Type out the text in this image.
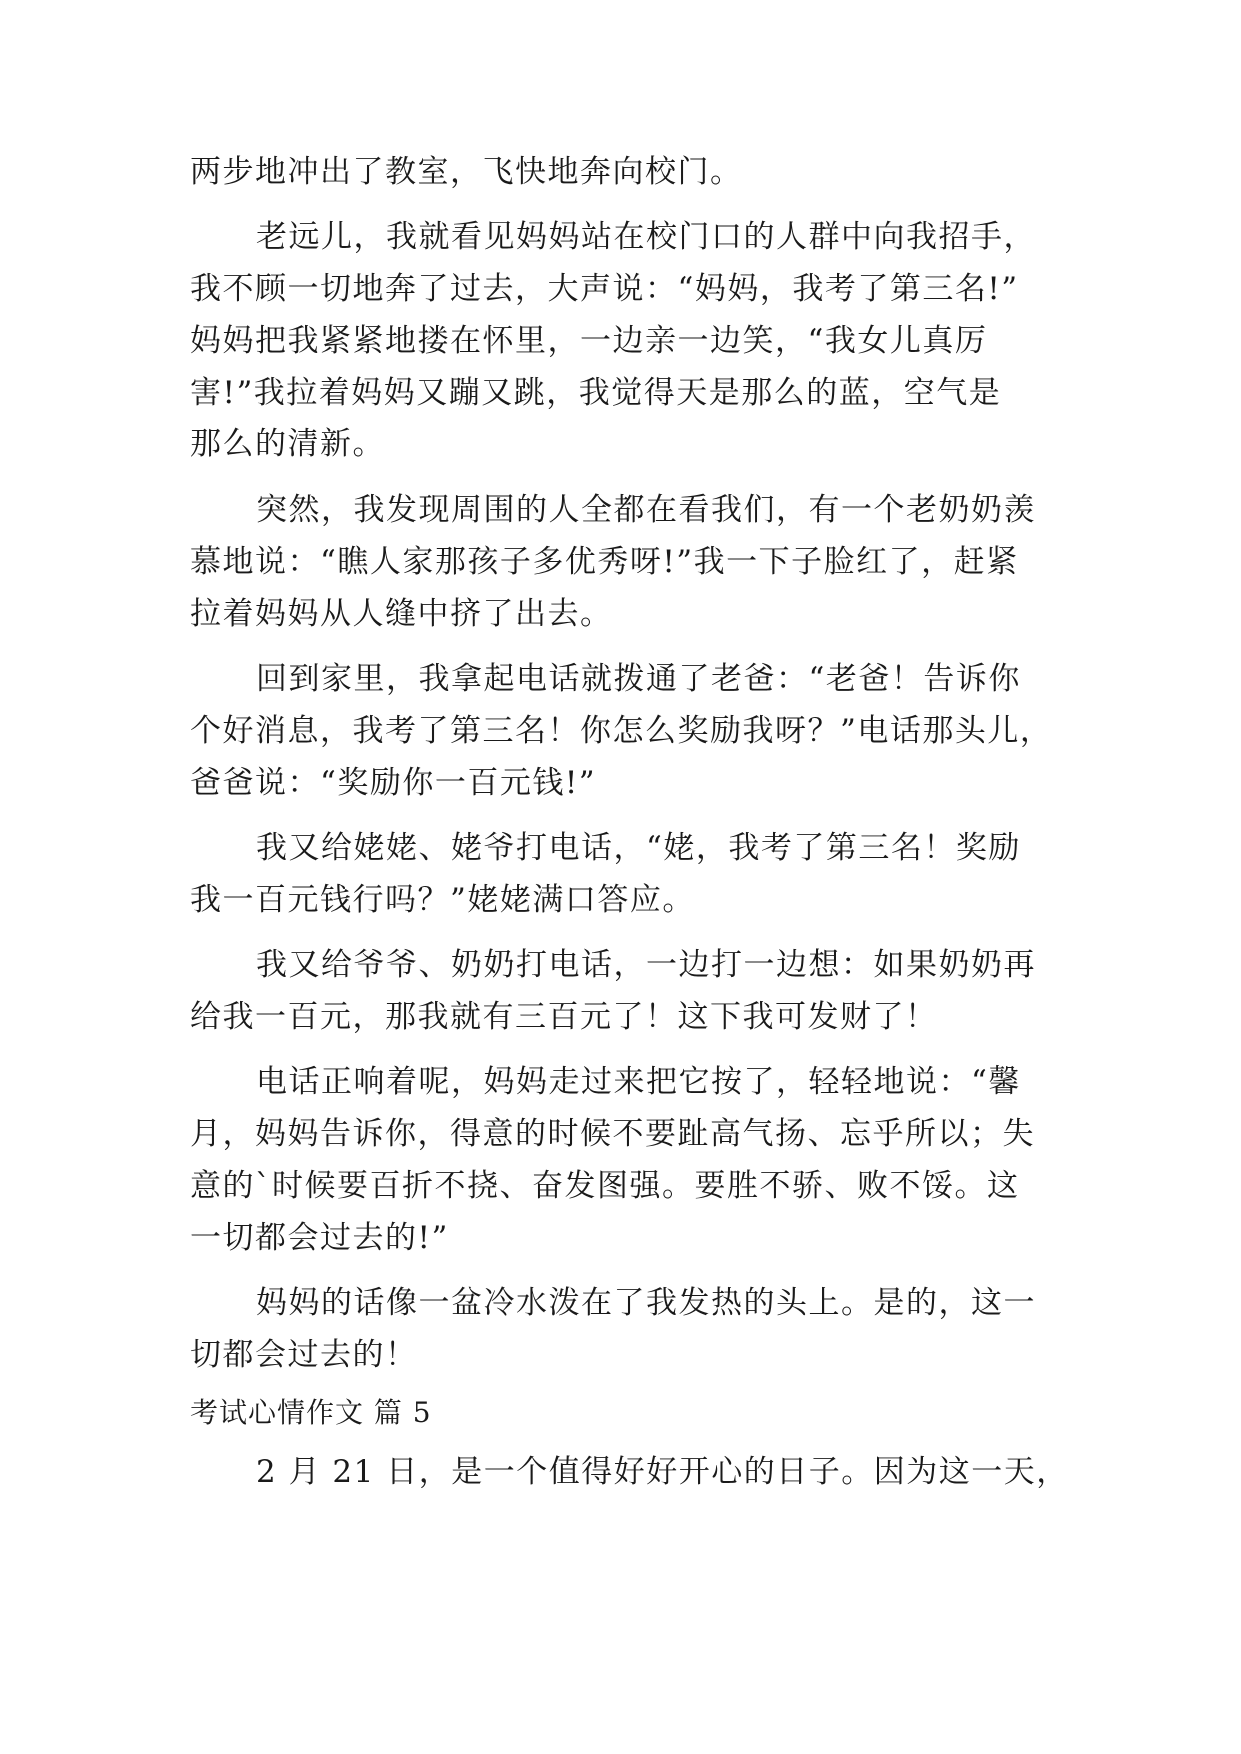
两步地冲出了教室，飞快地奔向校门。
老远儿，我就看见妈妈站在校门口的人群中向我招手，
我不顾一切地奔了过去，大声说：“妈妈，我考了第三名!”
妈妈把我紧紧地搂在怀里，一边亲一边笑，“我女儿真厉
害!”我拉着妈妈又蹦又跳，我觉得天是那么的蓝，空气是
那么的清新。
突然，我发现周围的人全都在看我们，有一个老奶奶羡
慕地说：“瞧人家那孩子多优秀呀!”我一下子脸红了，赶紧
拉着妈妈从人缝中挤了出去。
回到家里，我拿起电话就拨通了老爸：“老爸！告诉你
个好消息，我考了第三名！你怎么奖励我呀？”电话那头儿，
爸爸说：“奖励你一百元钱!”
我又给姥姥、姥爷打电话，“姥，我考了第三名！奖励
我一百元钱行吗？”姥姥满口答应。
我又给爷爷、奶奶打电话，一边打一边想：如果奶奶再
给我一百元，那我就有三百元了！这下我可发财了！
电话正响着呢，妈妈走过来把它按了，轻轻地说：“馨
月，妈妈告诉你，得意的时候不要趾高气扬、忘乎所以；失
意的`时候要百折不挠、奋发图强。要胜不骄、败不馁。这
一切都会过去的!”
妈妈的话像一盆冷水泼在了我发热的头上。是的，这一
切都会过去的！
考试心情作文 篇 5
2 月 21 日，是一个值得好好开心的日子。因为这一天，
